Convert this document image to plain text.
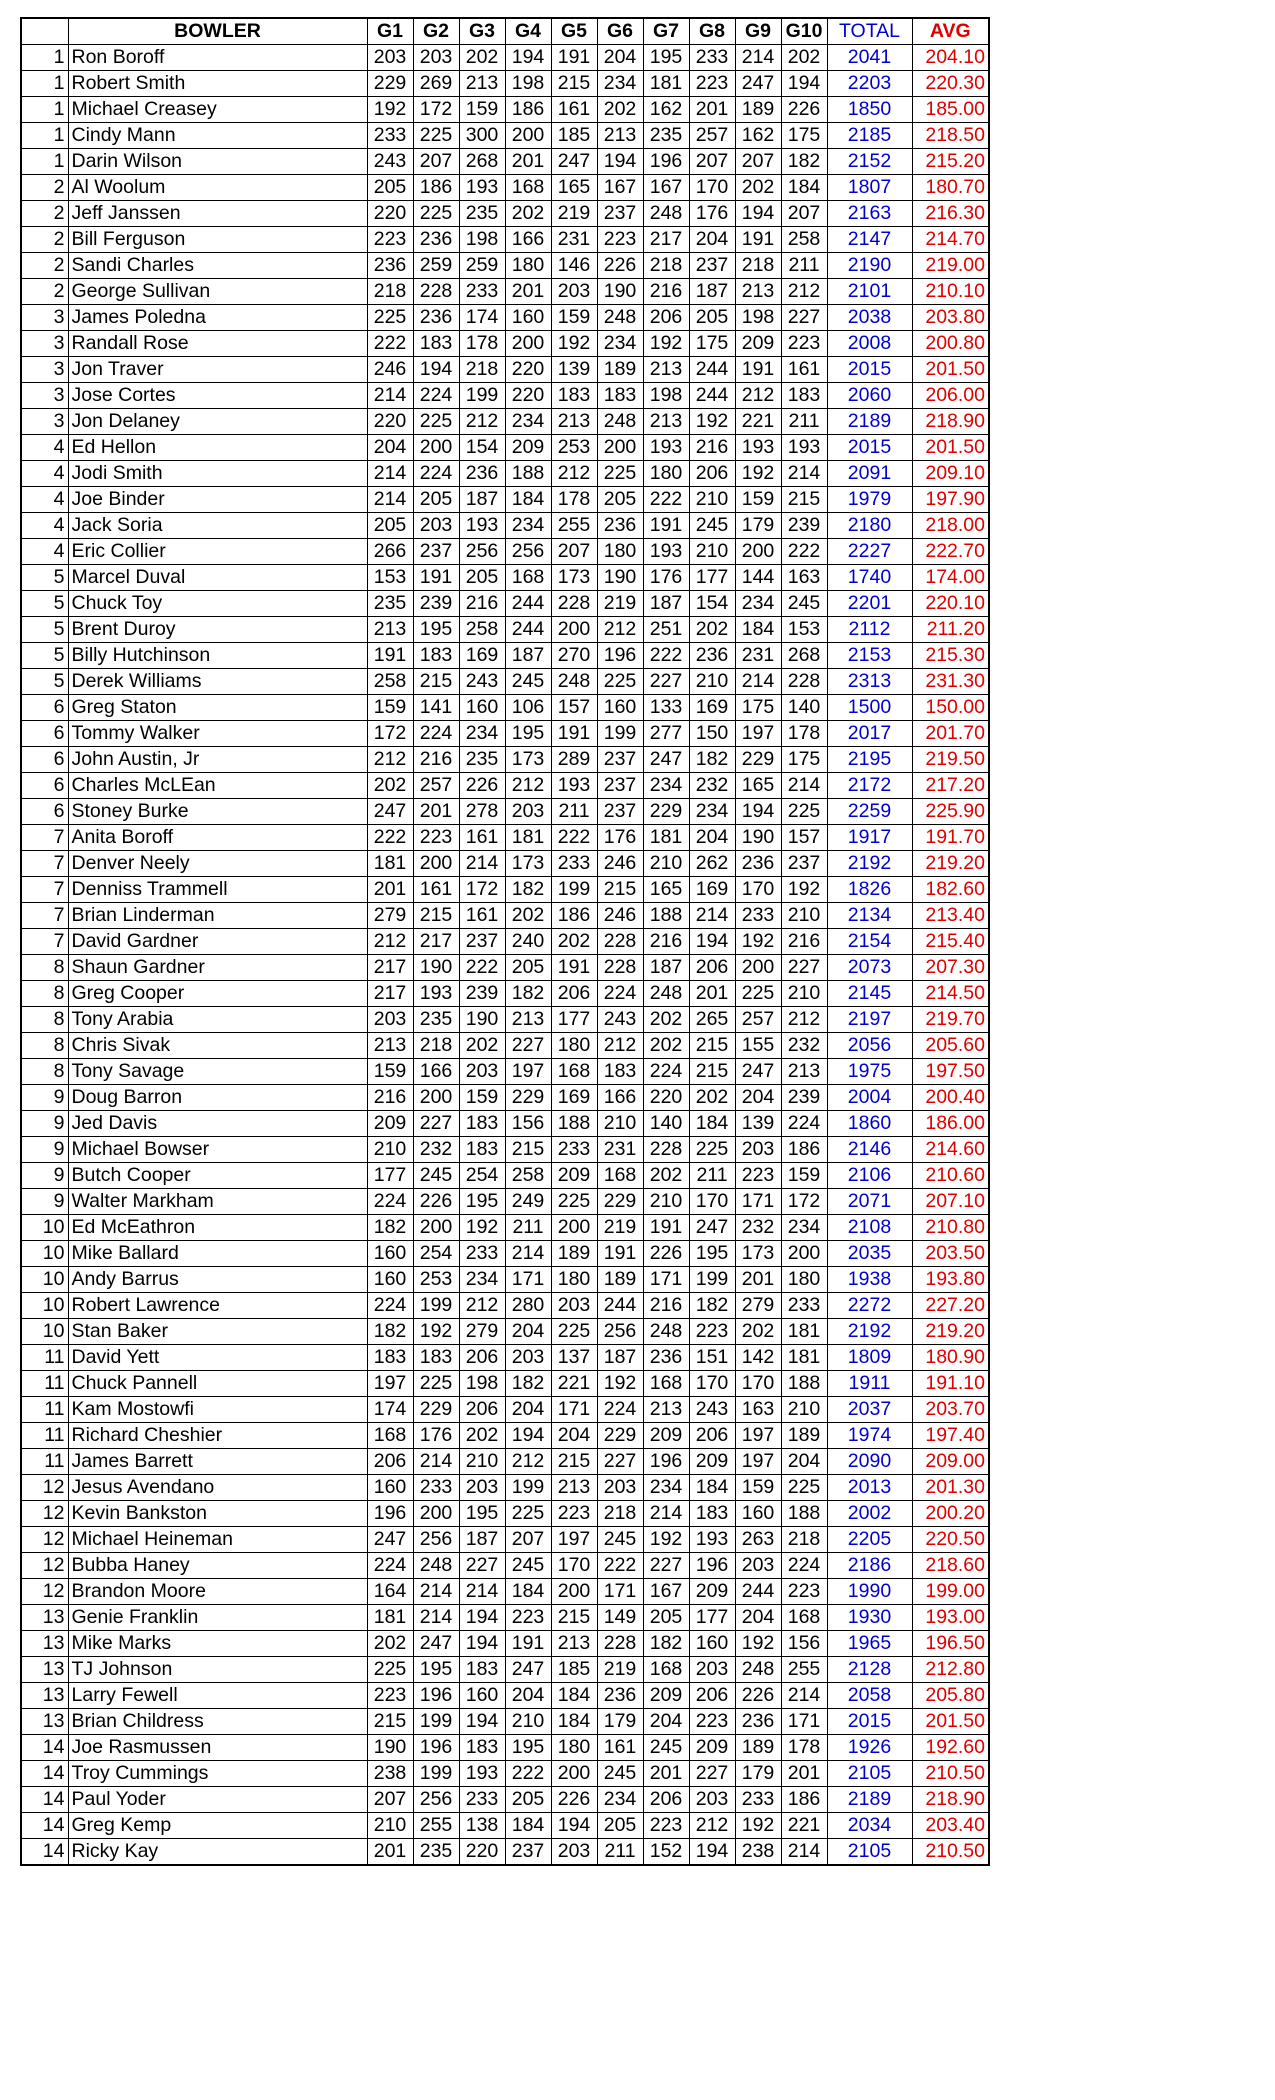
	BOWLER	G1	G2	G3	G4	G5	G6	G7	G8	G9	G10	TOTAL	AVG
1	Ron Boroff	203	203	202	194	191	204	195	233	214	202	2041	204.10
1	Robert Smith	229	269	213	198	215	234	181	223	247	194	2203	220.30
1	Michael Creasey	192	172	159	186	161	202	162	201	189	226	1850	185.00
1	Cindy Mann	233	225	300	200	185	213	235	257	162	175	2185	218.50
1	Darin Wilson	243	207	268	201	247	194	196	207	207	182	2152	215.20
2	Al Woolum	205	186	193	168	165	167	167	170	202	184	1807	180.70
2	Jeff Janssen	220	225	235	202	219	237	248	176	194	207	2163	216.30
2	Bill Ferguson	223	236	198	166	231	223	217	204	191	258	2147	214.70
2	Sandi Charles	236	259	259	180	146	226	218	237	218	211	2190	219.00
2	George Sullivan	218	228	233	201	203	190	216	187	213	212	2101	210.10
3	James Poledna	225	236	174	160	159	248	206	205	198	227	2038	203.80
3	Randall Rose	222	183	178	200	192	234	192	175	209	223	2008	200.80
3	Jon Traver	246	194	218	220	139	189	213	244	191	161	2015	201.50
3	Jose Cortes	214	224	199	220	183	183	198	244	212	183	2060	206.00
3	Jon Delaney	220	225	212	234	213	248	213	192	221	211	2189	218.90
4	Ed Hellon	204	200	154	209	253	200	193	216	193	193	2015	201.50
4	Jodi Smith	214	224	236	188	212	225	180	206	192	214	2091	209.10
4	Joe Binder	214	205	187	184	178	205	222	210	159	215	1979	197.90
4	Jack Soria	205	203	193	234	255	236	191	245	179	239	2180	218.00
4	Eric Collier	266	237	256	256	207	180	193	210	200	222	2227	222.70
5	Marcel Duval	153	191	205	168	173	190	176	177	144	163	1740	174.00
5	Chuck Toy	235	239	216	244	228	219	187	154	234	245	2201	220.10
5	Brent Duroy	213	195	258	244	200	212	251	202	184	153	2112	211.20
5	Billy Hutchinson	191	183	169	187	270	196	222	236	231	268	2153	215.30
5	Derek Williams	258	215	243	245	248	225	227	210	214	228	2313	231.30
6	Greg Staton	159	141	160	106	157	160	133	169	175	140	1500	150.00
6	Tommy Walker	172	224	234	195	191	199	277	150	197	178	2017	201.70
6	John Austin, Jr	212	216	235	173	289	237	247	182	229	175	2195	219.50
6	Charles McLEan	202	257	226	212	193	237	234	232	165	214	2172	217.20
6	Stoney Burke	247	201	278	203	211	237	229	234	194	225	2259	225.90
7	Anita Boroff	222	223	161	181	222	176	181	204	190	157	1917	191.70
7	Denver Neely	181	200	214	173	233	246	210	262	236	237	2192	219.20
7	Denniss Trammell	201	161	172	182	199	215	165	169	170	192	1826	182.60
7	Brian Linderman	279	215	161	202	186	246	188	214	233	210	2134	213.40
7	David Gardner	212	217	237	240	202	228	216	194	192	216	2154	215.40
8	Shaun Gardner	217	190	222	205	191	228	187	206	200	227	2073	207.30
8	Greg Cooper	217	193	239	182	206	224	248	201	225	210	2145	214.50
8	Tony Arabia	203	235	190	213	177	243	202	265	257	212	2197	219.70
8	Chris Sivak	213	218	202	227	180	212	202	215	155	232	2056	205.60
8	Tony Savage	159	166	203	197	168	183	224	215	247	213	1975	197.50
9	Doug Barron	216	200	159	229	169	166	220	202	204	239	2004	200.40
9	Jed Davis	209	227	183	156	188	210	140	184	139	224	1860	186.00
9	Michael Bowser	210	232	183	215	233	231	228	225	203	186	2146	214.60
9	Butch Cooper	177	245	254	258	209	168	202	211	223	159	2106	210.60
9	Walter Markham	224	226	195	249	225	229	210	170	171	172	2071	207.10
10	Ed McEathron	182	200	192	211	200	219	191	247	232	234	2108	210.80
10	Mike Ballard	160	254	233	214	189	191	226	195	173	200	2035	203.50
10	Andy Barrus	160	253	234	171	180	189	171	199	201	180	1938	193.80
10	Robert Lawrence	224	199	212	280	203	244	216	182	279	233	2272	227.20
10	Stan Baker	182	192	279	204	225	256	248	223	202	181	2192	219.20
11	David Yett	183	183	206	203	137	187	236	151	142	181	1809	180.90
11	Chuck Pannell	197	225	198	182	221	192	168	170	170	188	1911	191.10
11	Kam Mostowfi	174	229	206	204	171	224	213	243	163	210	2037	203.70
11	Richard Cheshier	168	176	202	194	204	229	209	206	197	189	1974	197.40
11	James Barrett	206	214	210	212	215	227	196	209	197	204	2090	209.00
12	Jesus Avendano	160	233	203	199	213	203	234	184	159	225	2013	201.30
12	Kevin Bankston	196	200	195	225	223	218	214	183	160	188	2002	200.20
12	Michael Heineman	247	256	187	207	197	245	192	193	263	218	2205	220.50
12	Bubba Haney	224	248	227	245	170	222	227	196	203	224	2186	218.60
12	Brandon Moore	164	214	214	184	200	171	167	209	244	223	1990	199.00
13	Genie Franklin	181	214	194	223	215	149	205	177	204	168	1930	193.00
13	Mike Marks	202	247	194	191	213	228	182	160	192	156	1965	196.50
13	TJ Johnson	225	195	183	247	185	219	168	203	248	255	2128	212.80
13	Larry Fewell	223	196	160	204	184	236	209	206	226	214	2058	205.80
13	Brian Childress	215	199	194	210	184	179	204	223	236	171	2015	201.50
14	Joe Rasmussen	190	196	183	195	180	161	245	209	189	178	1926	192.60
14	Troy Cummings	238	199	193	222	200	245	201	227	179	201	2105	210.50
14	Paul Yoder	207	256	233	205	226	234	206	203	233	186	2189	218.90
14	Greg Kemp	210	255	138	184	194	205	223	212	192	221	2034	203.40
14	Ricky Kay	201	235	220	237	203	211	152	194	238	214	2105	210.50
